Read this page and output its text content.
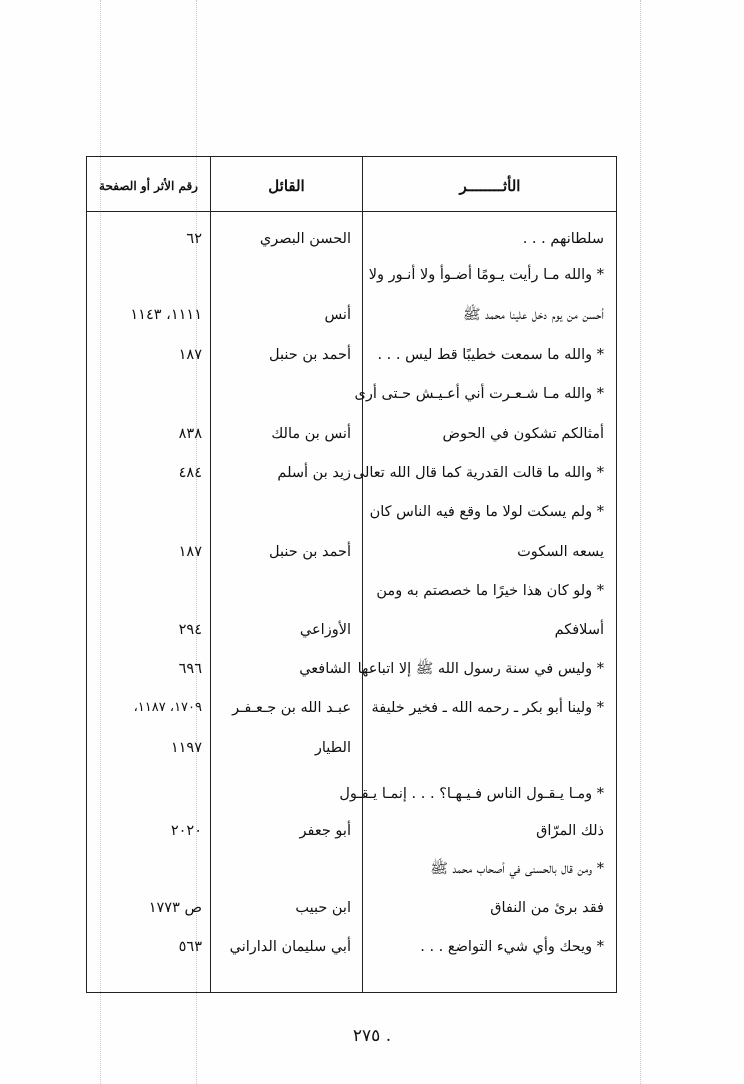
الأثــــــــر
القائل
رقم الأثر أو الصفحة
سلطانهم . . .
الحسن البصري
٦٢
* والله مـا رأيت يـومًا أضـوأ ولا أنـور ولا
أحسن من يوم دخل علينا محمد ﷺ
أنس
١١١١، ١١٤٣
* والله ما سمعت خطيبًا قط ليس . . .
أحمد بن حنبل
١٨٧
* والله مـا شـعـرت أني أعـيـش حـتى أرى
أمثالكم تشكون في الحوض
أنس بن مالك
٨٣٨
* والله ما قالت القدرية كما قال الله تعالى
زيد بن أسلم
٤٨٤
* ولم يسكت لولا ما وقع فيه الناس كان
يسعه السكوت
أحمد بن حنبل
١٨٧
* ولو كان هذا خيرًا ما خصصتم به ومن
أسلافكم
الأوزاعي
٢٩٤
* وليس في سنة رسول الله ﷺ إلا اتباعها
الشافعي
٦٩٦
* ولينا أبو بكر ـ رحمه الله ـ فخير خليفة
عبـد الله بن جـعـفـر
١٧٠٩، ١١٨٧،
الطيار
١١٩٧
* ومـا يـقـول الناس فـيـهـا؟ . . . إنمـا يـقـول
ذلك المرّاق
أبو جعفر
٢٠٢٠
* ومن قال بالحسنى في أصحاب محمد ﷺ
فقد برئ من النفاق
ابن حبيب
ص ١٧٧٣
* ويحك وأي شيء التواضع . . .
أبي سليمان الداراني
٥٦٣
٢٧٥ .
